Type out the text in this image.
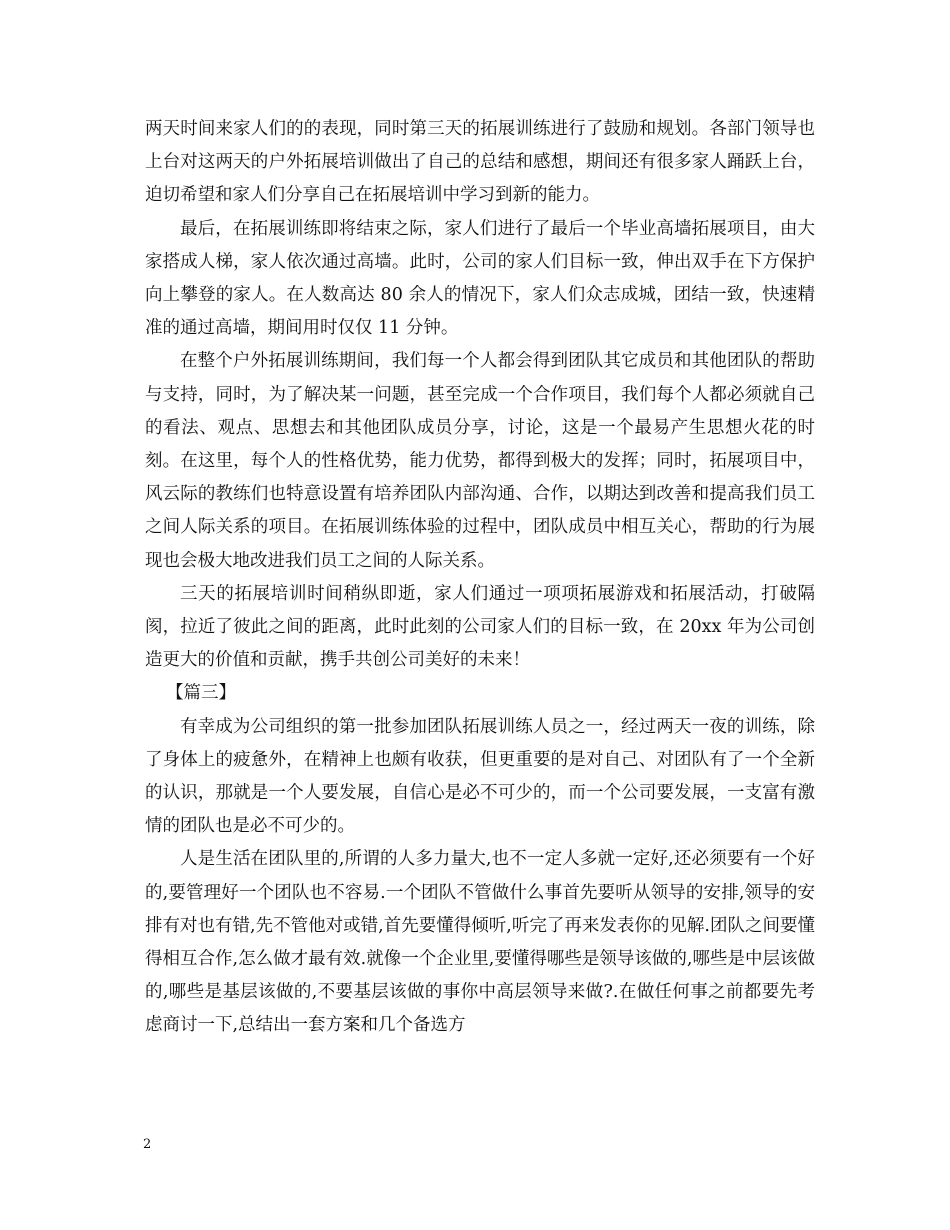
两天时间来家人们的的表现，同时第三天的拓展训练进行了鼓励和规划。各部门领导也上台对这两天的户外拓展培训做出了自己的总结和感想，期间还有很多家人踊跃上台，迫切希望和家人们分享自己在拓展培训中学习到新的能力。

最后，在拓展训练即将结束之际，家人们进行了最后一个毕业高墙拓展项目，由大家搭成人梯，家人依次通过高墙。此时，公司的家人们目标一致，伸出双手在下方保护向上攀登的家人。在人数高达 80 余人的情况下，家人们众志成城，团结一致，快速精准的通过高墙，期间用时仅仅 11 分钟。

在整个户外拓展训练期间，我们每一个人都会得到团队其它成员和其他团队的帮助与支持，同时，为了解决某一问题，甚至完成一个合作项目，我们每个人都必须就自己的看法、观点、思想去和其他团队成员分享，讨论，这是一个最易产生思想火花的时刻。在这里，每个人的性格优势，能力优势，都得到极大的发挥；同时，拓展项目中，风云际的教练们也特意设置有培养团队内部沟通、合作，以期达到改善和提高我们员工之间人际关系的项目。在拓展训练体验的过程中，团队成员中相互关心，帮助的行为展现也会极大地改进我们员工之间的人际关系。

三天的拓展培训时间稍纵即逝，家人们通过一项项拓展游戏和拓展活动，打破隔阂，拉近了彼此之间的距离，此时此刻的公司家人们的目标一致，在 20xx 年为公司创造更大的价值和贡献，携手共创公司美好的未来！

【篇三】

有幸成为公司组织的第一批参加团队拓展训练人员之一，经过两天一夜的训练，除了身体上的疲惫外，在精神上也颇有收获，但更重要的是对自己、对团队有了一个全新的认识，那就是一个人要发展，自信心是必不可少的，而一个公司要发展，一支富有激情的团队也是必不可少的。

人是生活在团队里的,所谓的人多力量大,也不一定人多就一定好,还必须要有一个好的,要管理好一个团队也不容易.一个团队不管做什么事首先要听从领导的安排,领导的安排有对也有错,先不管他对或错,首先要懂得倾听,听完了再来发表你的见解.团队之间要懂得相互合作,怎么做才最有效.就像一个企业里,要懂得哪些是领导该做的,哪些是中层该做的,哪些是基层该做的,不要基层该做的事你中高层领导来做?.在做任何事之前都要先考虑商讨一下,总结出一套方案和几个备选方

2
